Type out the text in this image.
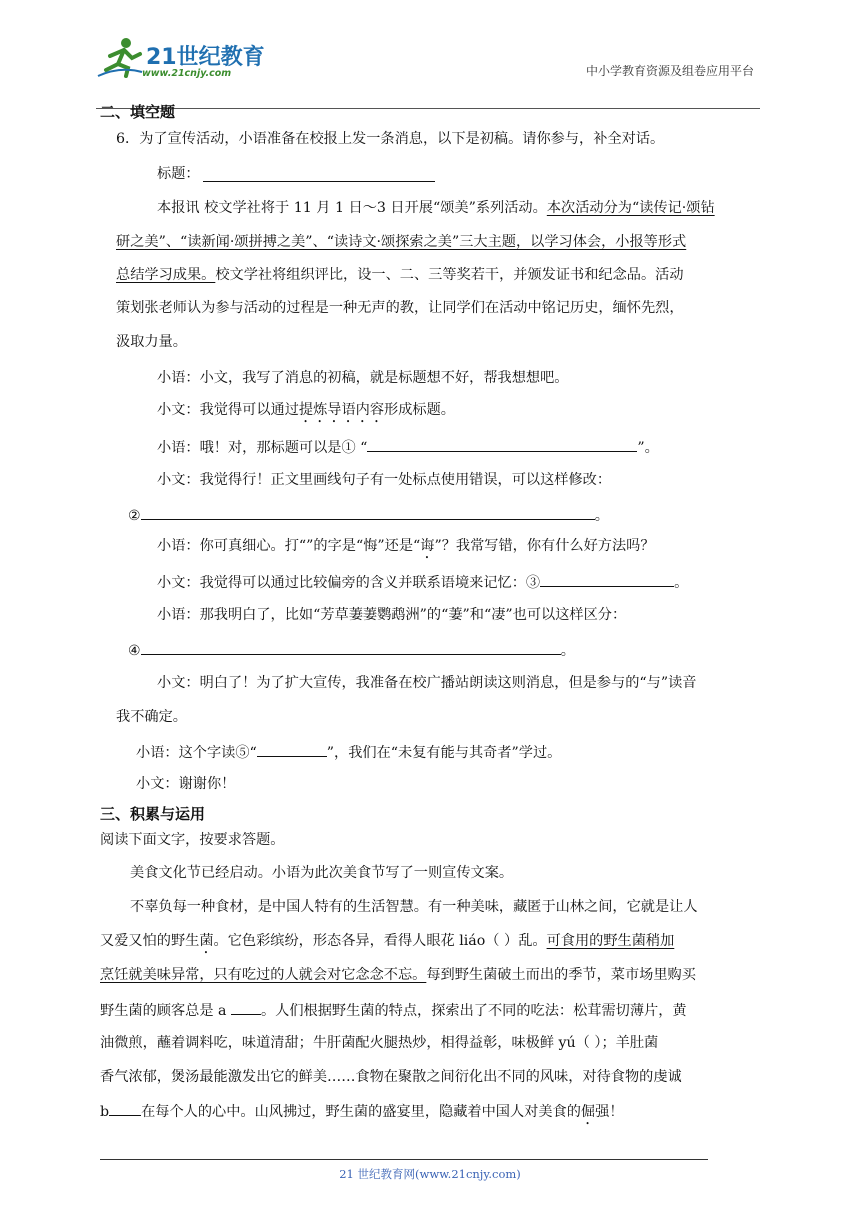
21世纪教育
www.21cnjy.com	中小学教育资源及组卷应用平台
二、填空题
6．为了宣传活动，小语准备在校报上发一条消息，以下是初稿。请你参与，补全对话。
标题：
本报讯 校文学社将于 11 月 1 日～3 日开展“颂美”系列活动。本次活动分为“读传记·颂钻
研之美”、“读新闻·颂拼搏之美”、“读诗文·颂探索之美”三大主题，以学习体会，小报等形式
总结学习成果。校文学社将组织评比，设一、二、三等奖若干，并颁发证书和纪念品。活动
策划张老师认为参与活动的过程是一种无声的教，让同学们在活动中铭记历史，缅怀先烈，
汲取力量。
小语：小文，我写了消息的初稿，就是标题想不好，帮我想想吧。
小文：我觉得可以通过提炼导语内容形成标题。
小语：哦！对，那标题可以是① “	”。
小文：我觉得行！正文里画线句子有一处标点使用错误，可以这样修改：
②	。
小语：你可真细心。打“”的字是“悔”还是“诲”？我常写错，你有什么好方法吗？
小文：我觉得可以通过比较偏旁的含义并联系语境来记忆：③	。
小语：那我明白了，比如“芳草萋萋鹦鹉洲”的“萋”和“凄”也可以这样区分：
④	。
小文：明白了！为了扩大宣传，我准备在校广播站朗读这则消息，但是参与的“与”读音
我不确定。
小语：这个字读⑤“	”，我们在“未复有能与其奇者”学过。
小文：谢谢你！
三、积累与运用
阅读下面文字，按要求答题。
美食文化节已经启动。小语为此次美食节写了一则宣传文案。
不辜负每一种食材，是中国人特有的生活智慧。有一种美味，藏匿于山林之间，它就是让人
又爱又怕的野生菌。它色彩缤纷，形态各异，看得人眼花 liáo（ ）乱。可食用的野生菌稍加
烹饪就美味异常，只有吃过的人就会对它念念不忘。每到野生菌破土而出的季节，菜市场里购买
野生菌的顾客总是 a 。人们根据野生菌的特点，探索出了不同的吃法：松茸需切薄片，黄
油微煎，蘸着调料吃，味道清甜；牛肝菌配火腿热炒，相得益彰，味极鲜 yú（ ）；羊肚菌
香气浓郁，煲汤最能激发出它的鲜美……食物在聚散之间衍化出不同的风味，对待食物的虔诚
b 在每个人的心中。山风拂过，野生菌的盛宴里，隐藏着中国人对美食的倔强！
21 世纪教育网(www.21cnjy.com)
